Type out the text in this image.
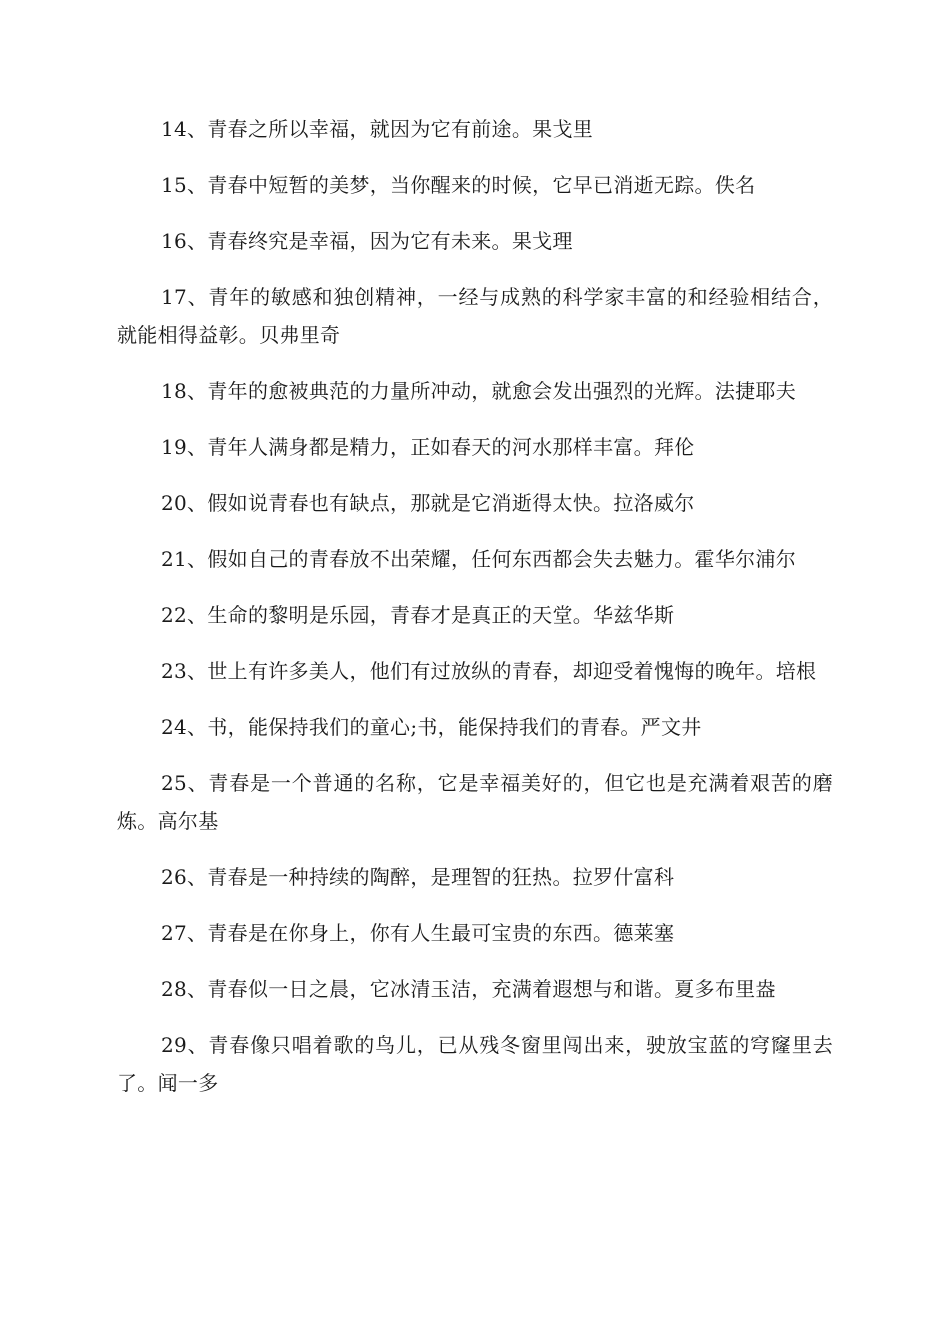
14、青春之所以幸福，就因为它有前途。果戈里

15、青春中短暂的美梦，当你醒来的时候，它早已消逝无踪。佚名

16、青春终究是幸福，因为它有未来。果戈理

17、青年的敏感和独创精神，一经与成熟的科学家丰富的和经验相结合，就能相得益彰。贝弗里奇

18、青年的愈被典范的力量所冲动，就愈会发出强烈的光辉。法捷耶夫

19、青年人满身都是精力，正如春天的河水那样丰富。拜伦

20、假如说青春也有缺点，那就是它消逝得太快。拉洛威尔

21、假如自己的青春放不出荣耀，任何东西都会失去魅力。霍华尔浦尔

22、生命的黎明是乐园，青春才是真正的天堂。华兹华斯

23、世上有许多美人，他们有过放纵的青春，却迎受着愧悔的晚年。培根

24、书，能保持我们的童心;书，能保持我们的青春。严文井

25、青春是一个普通的名称，它是幸福美好的，但它也是充满着艰苦的磨炼。高尔基

26、青春是一种持续的陶醉，是理智的狂热。拉罗什富科

27、青春是在你身上，你有人生最可宝贵的东西。德莱塞

28、青春似一日之晨，它冰清玉洁，充满着遐想与和谐。夏多布里盎

29、青春像只唱着歌的鸟儿，已从残冬窗里闯出来，驶放宝蓝的穹窿里去了。闻一多
